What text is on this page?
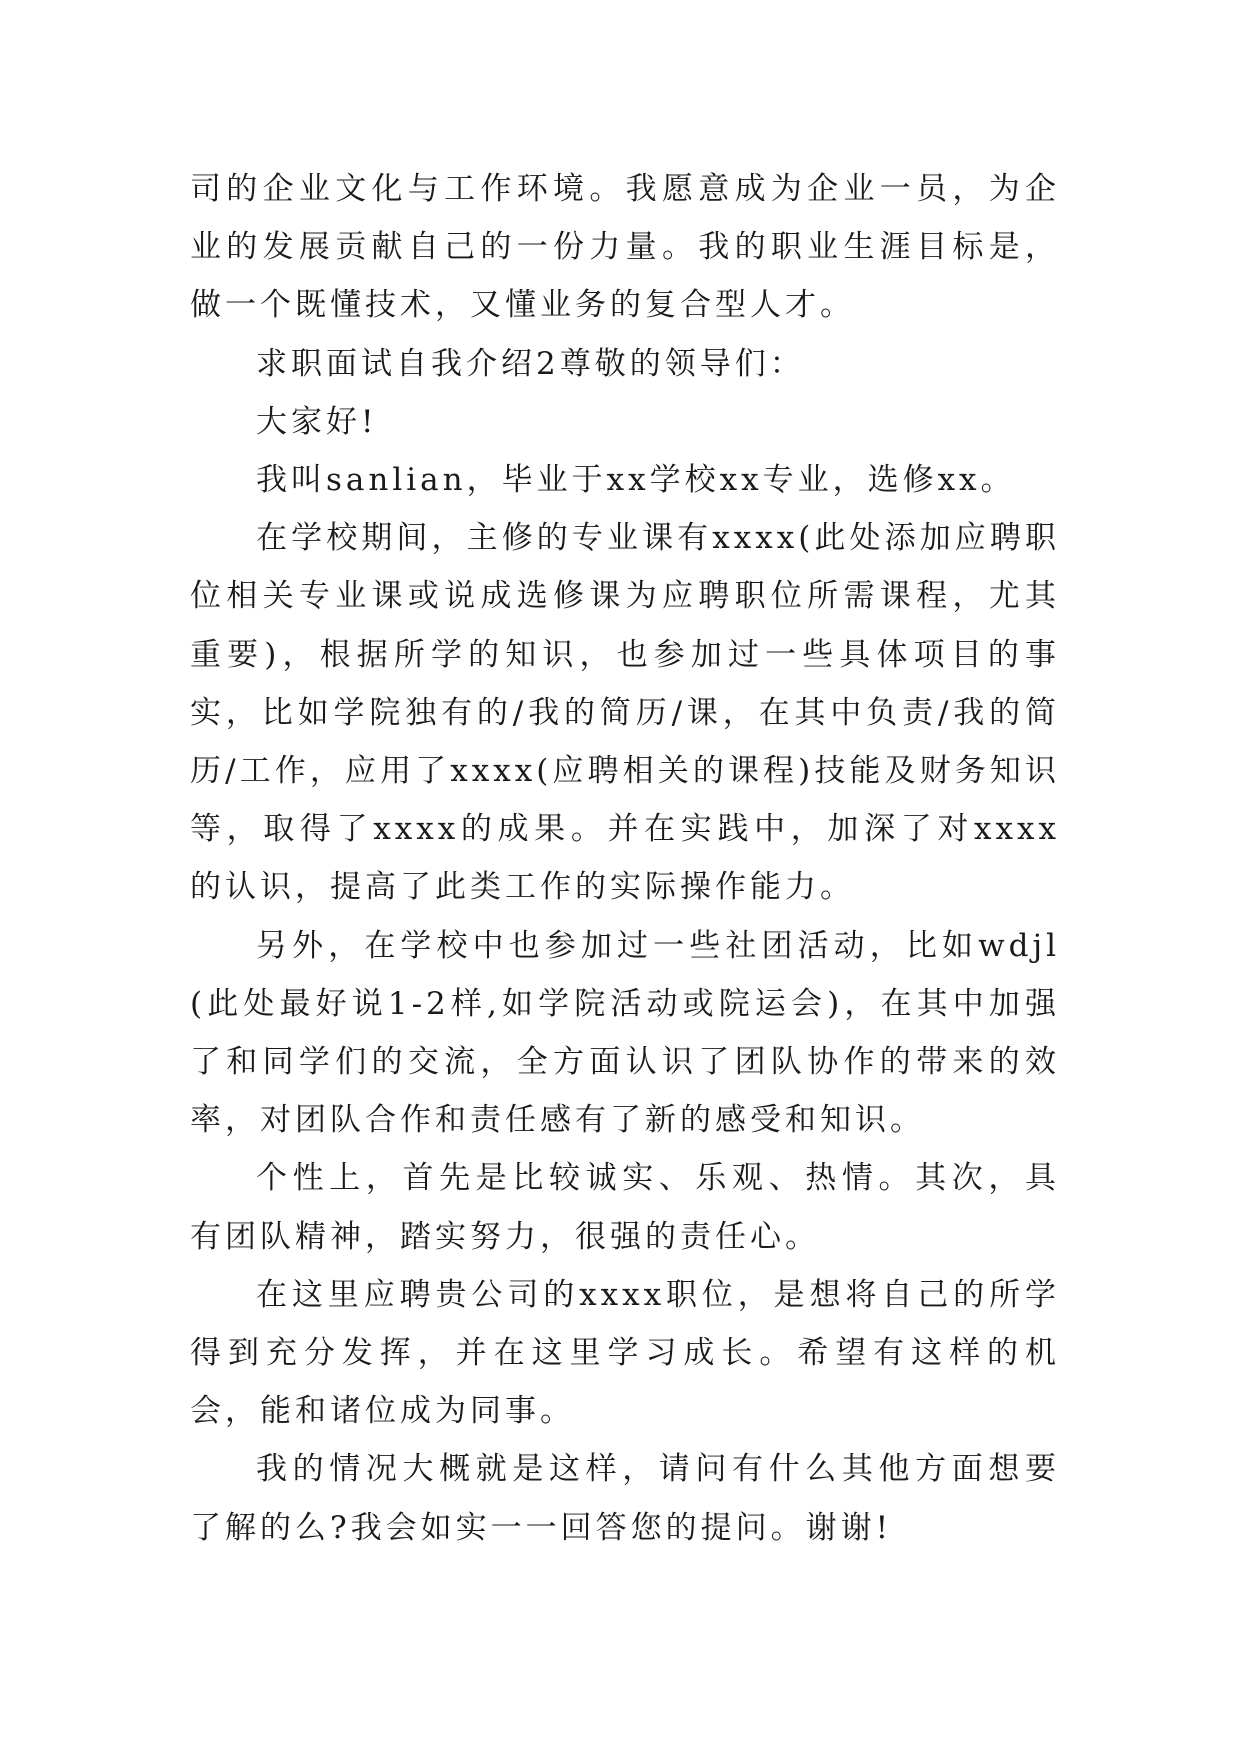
司的企业文化与工作环境。我愿意成为企业一员，为企业的发展贡献自己的一份力量。我的职业生涯目标是，做一个既懂技术，又懂业务的复合型人才。

求职面试自我介绍2尊敬的领导们：

大家好!

我叫sanlian，毕业于xx学校xx专业，选修xx。

在学校期间，主修的专业课有xxxx(此处添加应聘职位相关专业课或说成选修课为应聘职位所需课程，尤其重要)，根据所学的知识，也参加过一些具体项目的事实，比如学院独有的/我的简历/课，在其中负责/我的简历/工作，应用了xxxx(应聘相关的课程)技能及财务知识等，取得了xxxx的成果。并在实践中，加深了对xxxx的认识，提高了此类工作的实际操作能力。

另外，在学校中也参加过一些社团活动，比如wdjl(此处最好说1-2样,如学院活动或院运会)，在其中加强了和同学们的交流，全方面认识了团队协作的带来的效率，对团队合作和责任感有了新的感受和知识。

个性上，首先是比较诚实、乐观、热情。其次，具有团队精神，踏实努力，很强的责任心。

在这里应聘贵公司的xxxx职位，是想将自己的所学得到充分发挥，并在这里学习成长。希望有这样的机会，能和诸位成为同事。

我的情况大概就是这样，请问有什么其他方面想要了解的么?我会如实一一回答您的提问。谢谢!
